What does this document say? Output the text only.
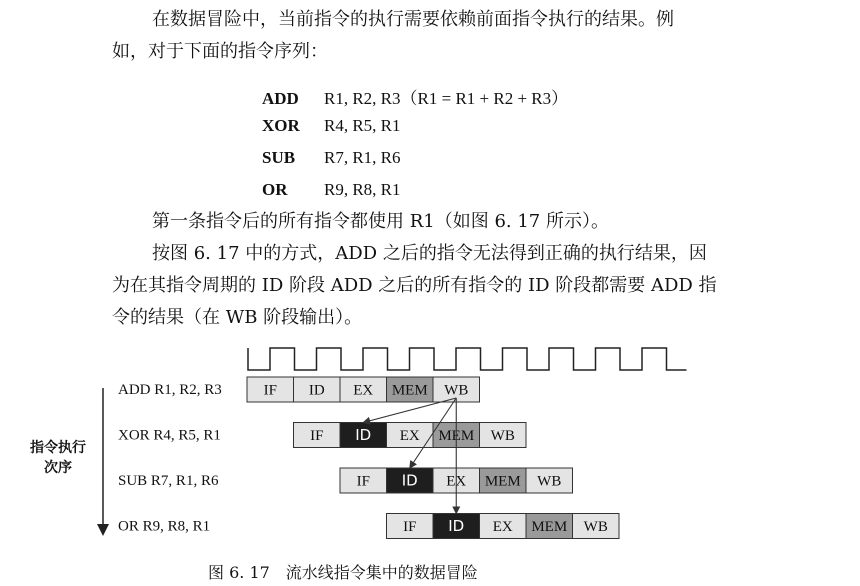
在数据冒险中，当前指令的执行需要依赖前面指令执行的结果。例
如，对于下面的指令序列：
ADD R1, R2, R3（R1 = R1 + R2 + R3）
XOR R4, R5, R1
SUB R7, R1, R6
OR R9, R8, R1
第一条指令后的所有指令都使用 R1（如图 6. 17 所示）。
按图 6. 17 中的方式，ADD 之后的指令无法得到正确的执行结果，因
为在其指令周期的 ID 阶段 ADD 之后的所有指令的 ID 阶段都需要 ADD 指
令的结果（在 WB 阶段输出）。
指令执行
次序
ADD R1, R2, R3	IF ID EX MEM WB
XOR R4, R5, R1	IF ID EX MEM WB
SUB R7, R1, R6	IF ID EX MEM WB
OR R9, R8, R1	IF ID EX MEM WB
图 6. 17　流水线指令集中的数据冒险
